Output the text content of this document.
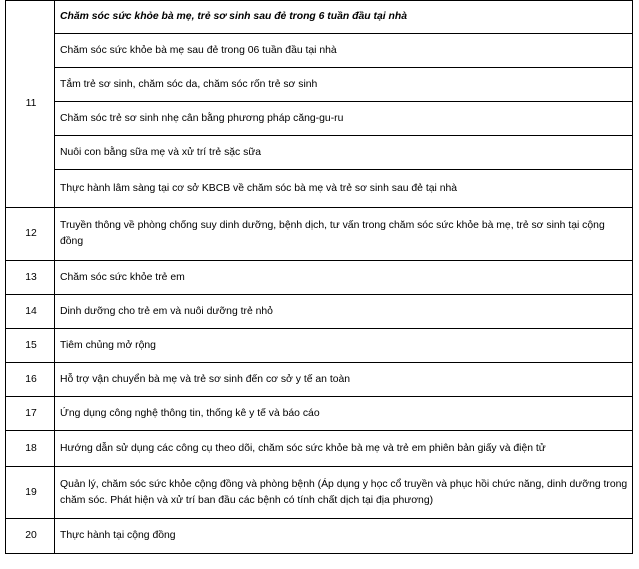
11	Chăm sóc sức khỏe bà mẹ, trẻ sơ sinh sau đẻ trong 6 tuần đầu tại nhà
	Chăm sóc sức khỏe bà mẹ sau đẻ trong 06 tuần đầu tại nhà
	Tắm trẻ sơ sinh, chăm sóc da, chăm sóc rốn trẻ sơ sinh
	Chăm sóc trẻ sơ sinh nhẹ cân bằng phương pháp căng-gu-ru
	Nuôi con bằng sữa mẹ và xử trí trẻ sặc sữa
	Thực hành lâm sàng tại cơ sở KBCB về chăm sóc bà mẹ và trẻ sơ sinh sau đẻ tại nhà
12	Truyền thông về phòng chống suy dinh dưỡng, bệnh dịch, tư vấn trong chăm sóc sức khỏe bà mẹ, trẻ sơ sinh tại cộng đồng
13	Chăm sóc sức khỏe trẻ em
14	Dinh dưỡng cho trẻ em và nuôi dưỡng trẻ nhỏ
15	Tiêm chủng mở rộng
16	Hỗ trợ vận chuyển bà mẹ và trẻ sơ sinh đến cơ sở y tế an toàn
17	Ứng dụng công nghệ thông tin, thống kê y tế và báo cáo
18	Hướng dẫn sử dụng các công cụ theo dõi, chăm sóc sức khỏe bà mẹ và trẻ em phiên bản giấy và điện tử
19	Quản lý, chăm sóc sức khỏe cộng đồng và phòng bệnh (Áp dụng y học cổ truyền và phục hồi chức năng, dinh dưỡng trong chăm sóc. Phát hiện và xử trí ban đầu các bệnh có tính chất dịch tại địa phương)
20	Thực hành tại cộng đồng
